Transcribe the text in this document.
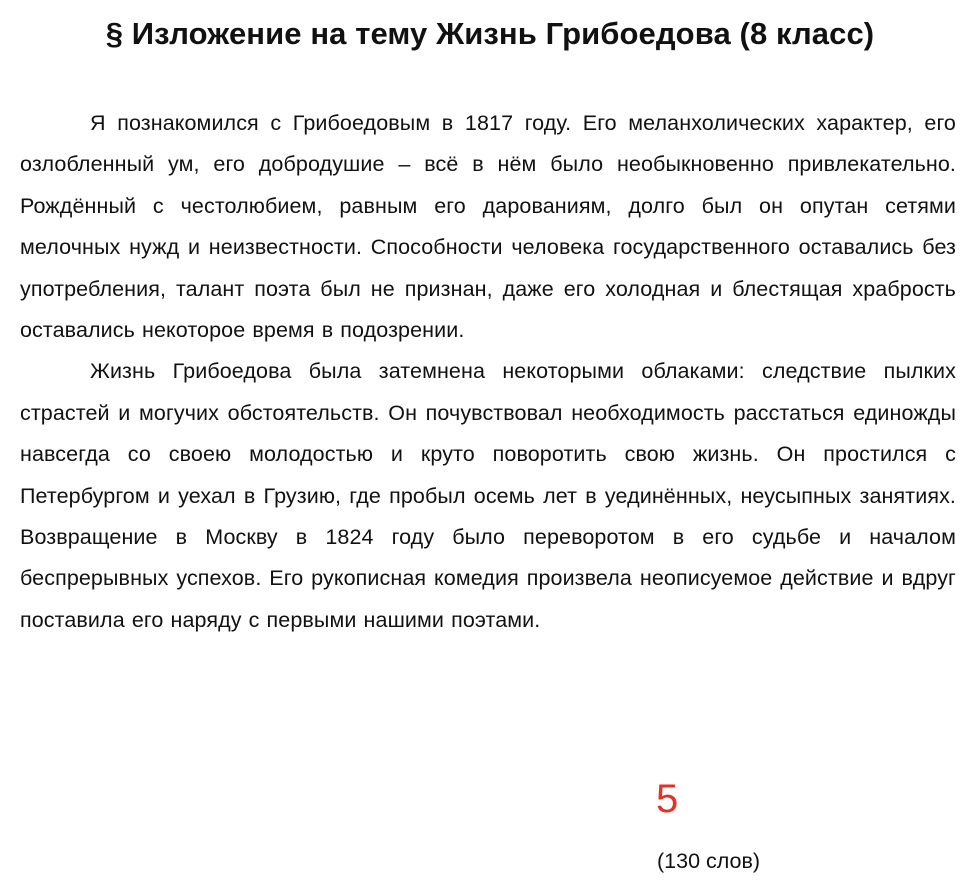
§ Изложение на тему Жизнь Грибоедова (8 класс)

Я познакомился с Грибоедовым в 1817 году. Его меланхолических характер, его озлобленный ум, его добродушие – всё в нём было необыкновенно привлекательно. Рождённый с честолюбием, равным его дарованиям, долго был он опутан сетями мелочных нужд и неизвестности. Способности человека государственного оставались без употребления, талант поэта был не признан, даже его холодная и блестящая храбрость оставались некоторое время в подозрении.

Жизнь Грибоедова была затемнена некоторыми облаками: следствие пылких страстей и могучих обстоятельств. Он почувствовал необходимость расстаться единожды навсегда со своею молодостью и круто поворотить свою жизнь. Он простился с Петербургом и уехал в Грузию, где пробыл осемь лет в уединённых, неусыпных занятиях. Возвращение в Москву в 1824 году было переворотом в его судьбе и началом беспрерывных успехов. Его рукописная комедия произвела неописуемое действие и вдруг поставила его наряду с первыми нашими поэтами.

5
(130 слов)
